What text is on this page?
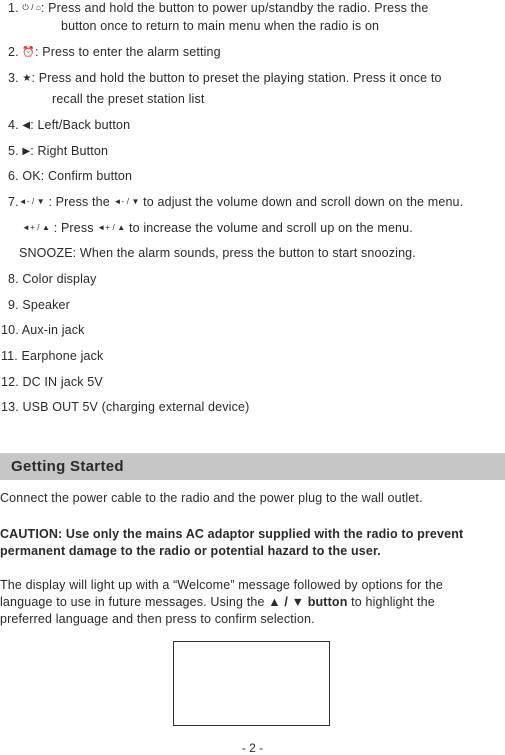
1. ⏻ / ⌂: Press and hold the button to power up/standby the radio. Press the
button once to return to main menu when the radio is on
2. ⏰: Press to enter the alarm setting
3. ★: Press and hold the button to preset the playing station. Press it once to
recall the preset station list
4. ◀: Left/Back button
5. ▶: Right Button
6. OK: Confirm button
7.◄- / ▼ : Press the ◄- / ▼ to adjust the volume down and scroll down on the menu.
◄+ / ▲ : Press ◄+ / ▲ to increase the volume and scroll up on the menu.
SNOOZE: When the alarm sounds, press the button to start snoozing.
8. Color display
9. Speaker
10. Aux-in jack
11. Earphone jack
12. DC IN jack 5V
13. USB OUT 5V (charging external device)
Getting Started
Connect the power cable to the radio and the power plug to the wall outlet.
CAUTION: Use only the mains AC adaptor supplied with the radio to prevent
permanent damage to the radio or potential hazard to the user.
The display will light up with a “Welcome” message followed by options for the
language to use in future messages. Using the ▲ / ▼ button to highlight the
preferred language and then press to confirm selection.
- 2 -
